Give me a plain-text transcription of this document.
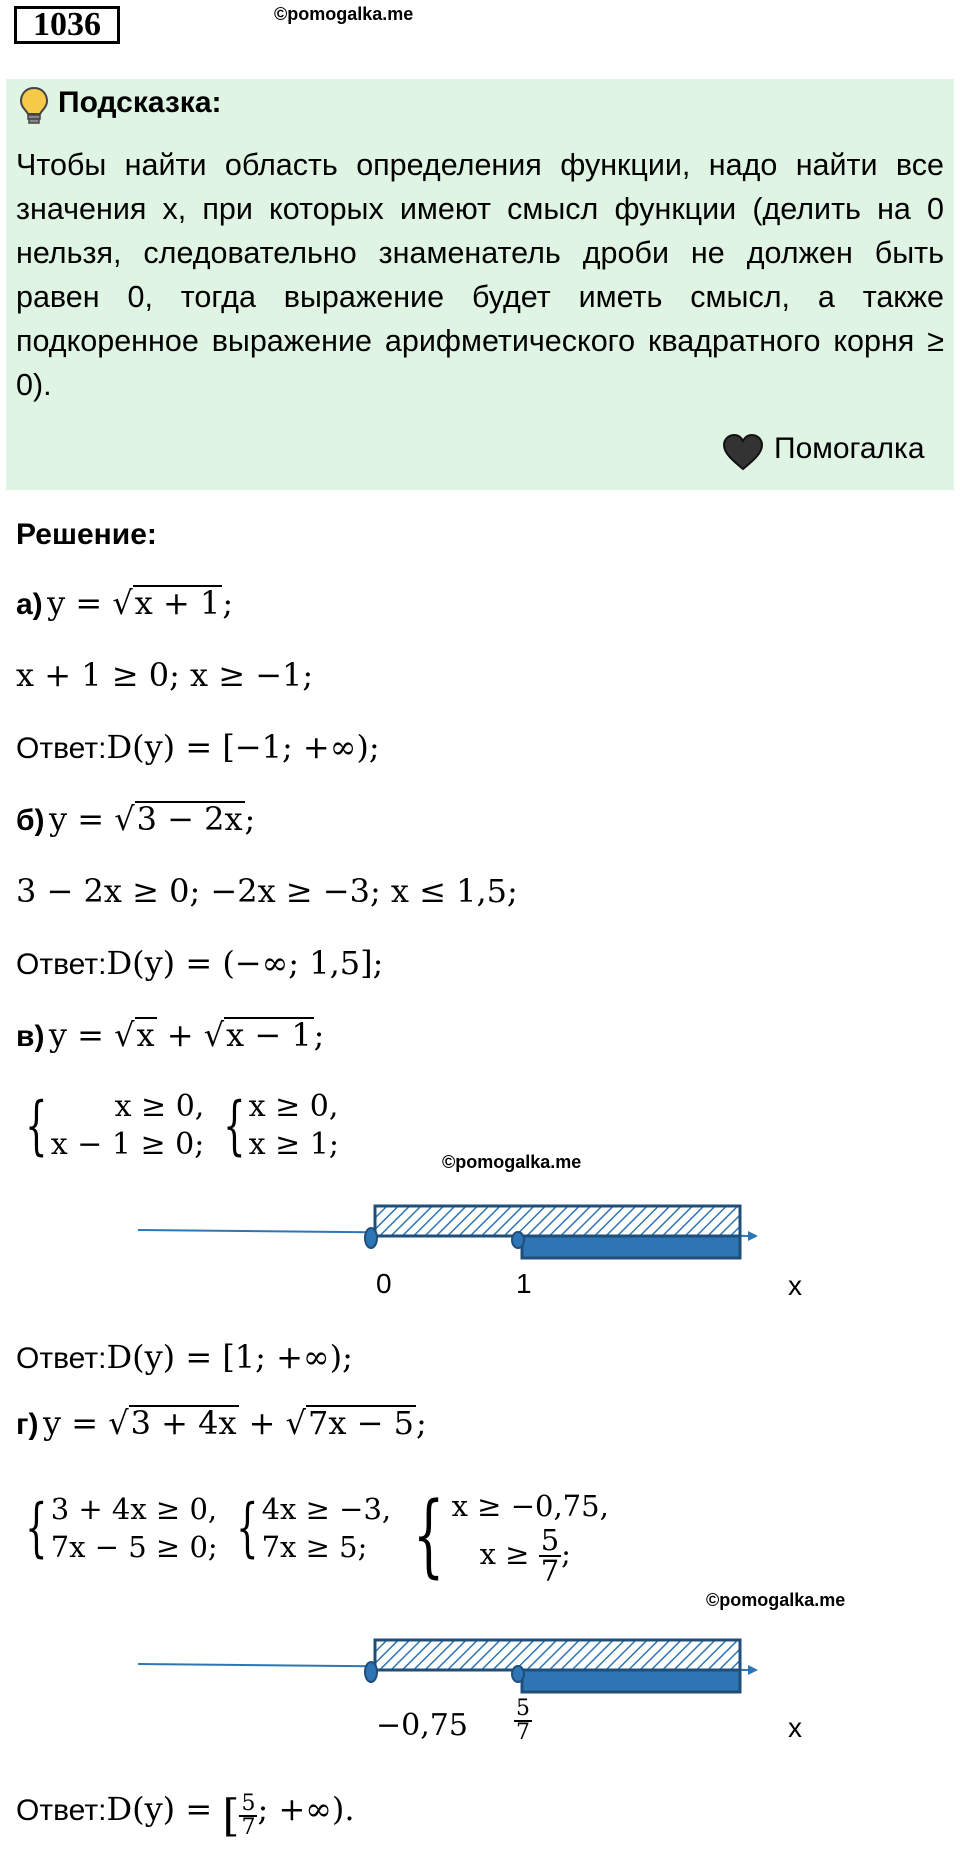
1036	©pomogalka.me
Подсказка:
Чтобы найти область определения функции, надо найти все значения x, при которых имеют смысл функции (делить на 0 нельзя, следовательно знаменатель дроби не должен быть равен 0, тогда выражение будет иметь смысл, а также подкоренное выражение арифметического квадратного корня ≥ 0).
Помогалка
Решение:
а) y = √x + 1;
x + 1 ≥ 0; x ≥ −1;
Ответ:D(y) = [−1; +∞);
б) y = √3 − 2x;
3 − 2x ≥ 0; −2x ≥ −3; x ≤ 1,5;
Ответ:D(y) = (−∞; 1,5];
в) y = √x + √x − 1;
{ x ≥ 0,
x − 1 ≥ 0;
{ x ≥ 0,
x ≥ 1;	©pomogalka.me
0	1	x
Ответ:D(y) = [1; +∞);
г) y = √3 + 4x + √7x − 5;
{ 3 + 4x ≥ 0,
7x − 5 ≥ 0;
{ 4x ≥ −3,
7x ≥ 5;
{ x ≥ −0,75,
$x \ge \frac{5}{7}$ ;
©pomogalka.me
$-0,75 \frac{5}{7}$	x
Ответ:D(y) = [ $\frac{5}{7}$ ; +∞).
